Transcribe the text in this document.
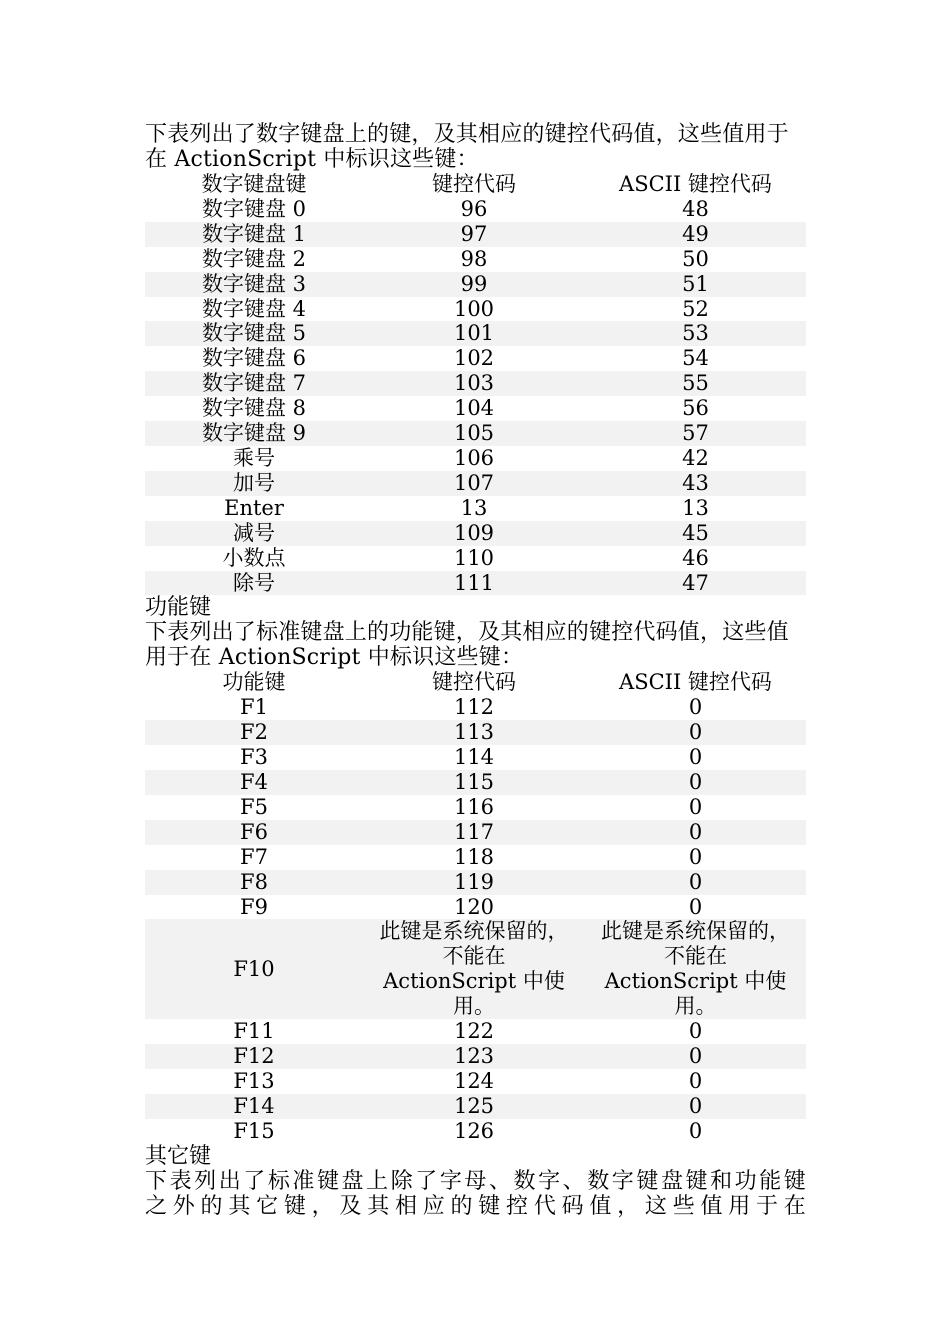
下表列出了数字键盘上的键，及其相应的键控代码值，这些值用于在 ActionScript 中标识这些键：
数字键盘键	键控代码	ASCII 键控代码
数字键盘 0	96	48
数字键盘 1	97	49
数字键盘 2	98	50
数字键盘 3	99	51
数字键盘 4	100	52
数字键盘 5	101	53
数字键盘 6	102	54
数字键盘 7	103	55
数字键盘 8	104	56
数字键盘 9	105	57
乘号	106	42
加号	107	43
Enter	13	13
减号	109	45
小数点	110	46
除号	111	47
功能键
下表列出了标准键盘上的功能键，及其相应的键控代码值，这些值用于在 ActionScript 中标识这些键：
功能键	键控代码	ASCII 键控代码
F1	112	0
F2	113	0
F3	114	0
F4	115	0
F5	116	0
F6	117	0
F7	118	0
F8	119	0
F9	120	0
F10	此键是系统保留的，
不能在
ActionScript 中使
用。	此键是系统保留的，
不能在
ActionScript 中使
用。

F11	122	0
F12	123	0
F13	124	0
F14	125	0
F15	126	0
其它键
下表列出了标准键盘上除了字母、数字、数字键盘键和功能键
之外的其它键，及其相应的键控代码值，这些值用于在
